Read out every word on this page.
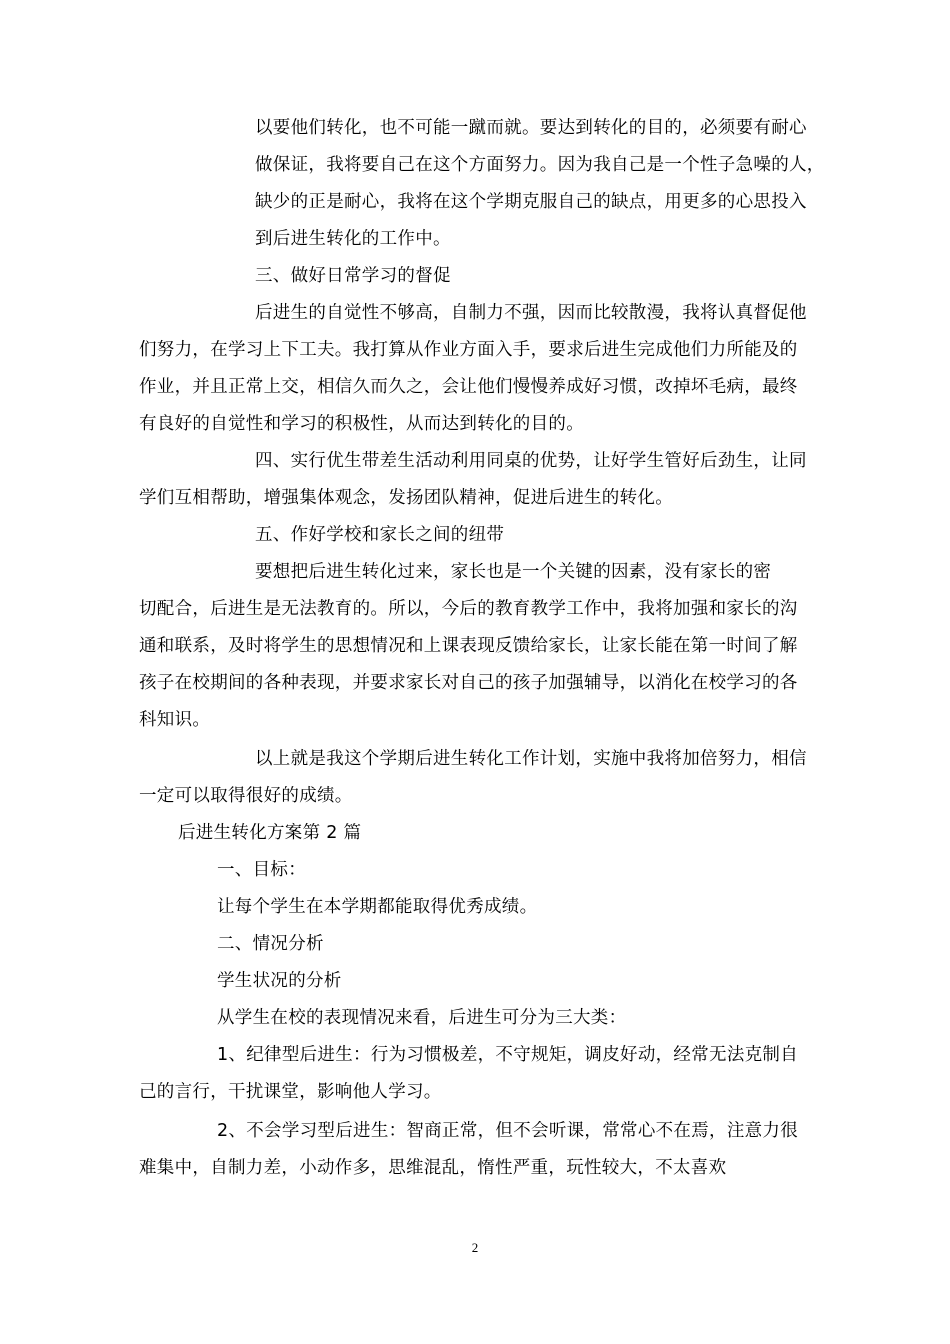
以要他们转化，也不可能一蹴而就。要达到转化的目的，必须要有耐心
做保证，我将要自己在这个方面努力。因为我自己是一个性子急噪的人，
缺少的正是耐心，我将在这个学期克服自己的缺点，用更多的心思投入
到后进生转化的工作中。
三、做好日常学习的督促
后进生的自觉性不够高，自制力不强，因而比较散漫，我将认真督促他
们努力，在学习上下工夫。我打算从作业方面入手，要求后进生完成他们力所能及的
作业，并且正常上交，相信久而久之，会让他们慢慢养成好习惯，改掉坏毛病，最终
有良好的自觉性和学习的积极性，从而达到转化的目的。
四、实行优生带差生活动利用同桌的优势，让好学生管好后劲生，让同
学们互相帮助，增强集体观念，发扬团队精神，促进后进生的转化。
五、作好学校和家长之间的纽带
要想把后进生转化过来，家长也是一个关键的因素，没有家长的密
切配合，后进生是无法教育的。所以，今后的教育教学工作中，我将加强和家长的沟
通和联系，及时将学生的思想情况和上课表现反馈给家长，让家长能在第一时间了解
孩子在校期间的各种表现，并要求家长对自己的孩子加强辅导，以消化在校学习的各
科知识。
以上就是我这个学期后进生转化工作计划，实施中我将加倍努力，相信
一定可以取得很好的成绩。
后进生转化方案第 2 篇
一、目标：
让每个学生在本学期都能取得优秀成绩。
二、情况分析
学生状况的分析
从学生在校的表现情况来看，后进生可分为三大类：
1、纪律型后进生：行为习惯极差，不守规矩，调皮好动，经常无法克制自
己的言行，干扰课堂，影响他人学习。
2、不会学习型后进生：智商正常，但不会听课，常常心不在焉，注意力很
难集中，自制力差，小动作多，思维混乱，惰性严重，玩性较大，不太喜欢
2
